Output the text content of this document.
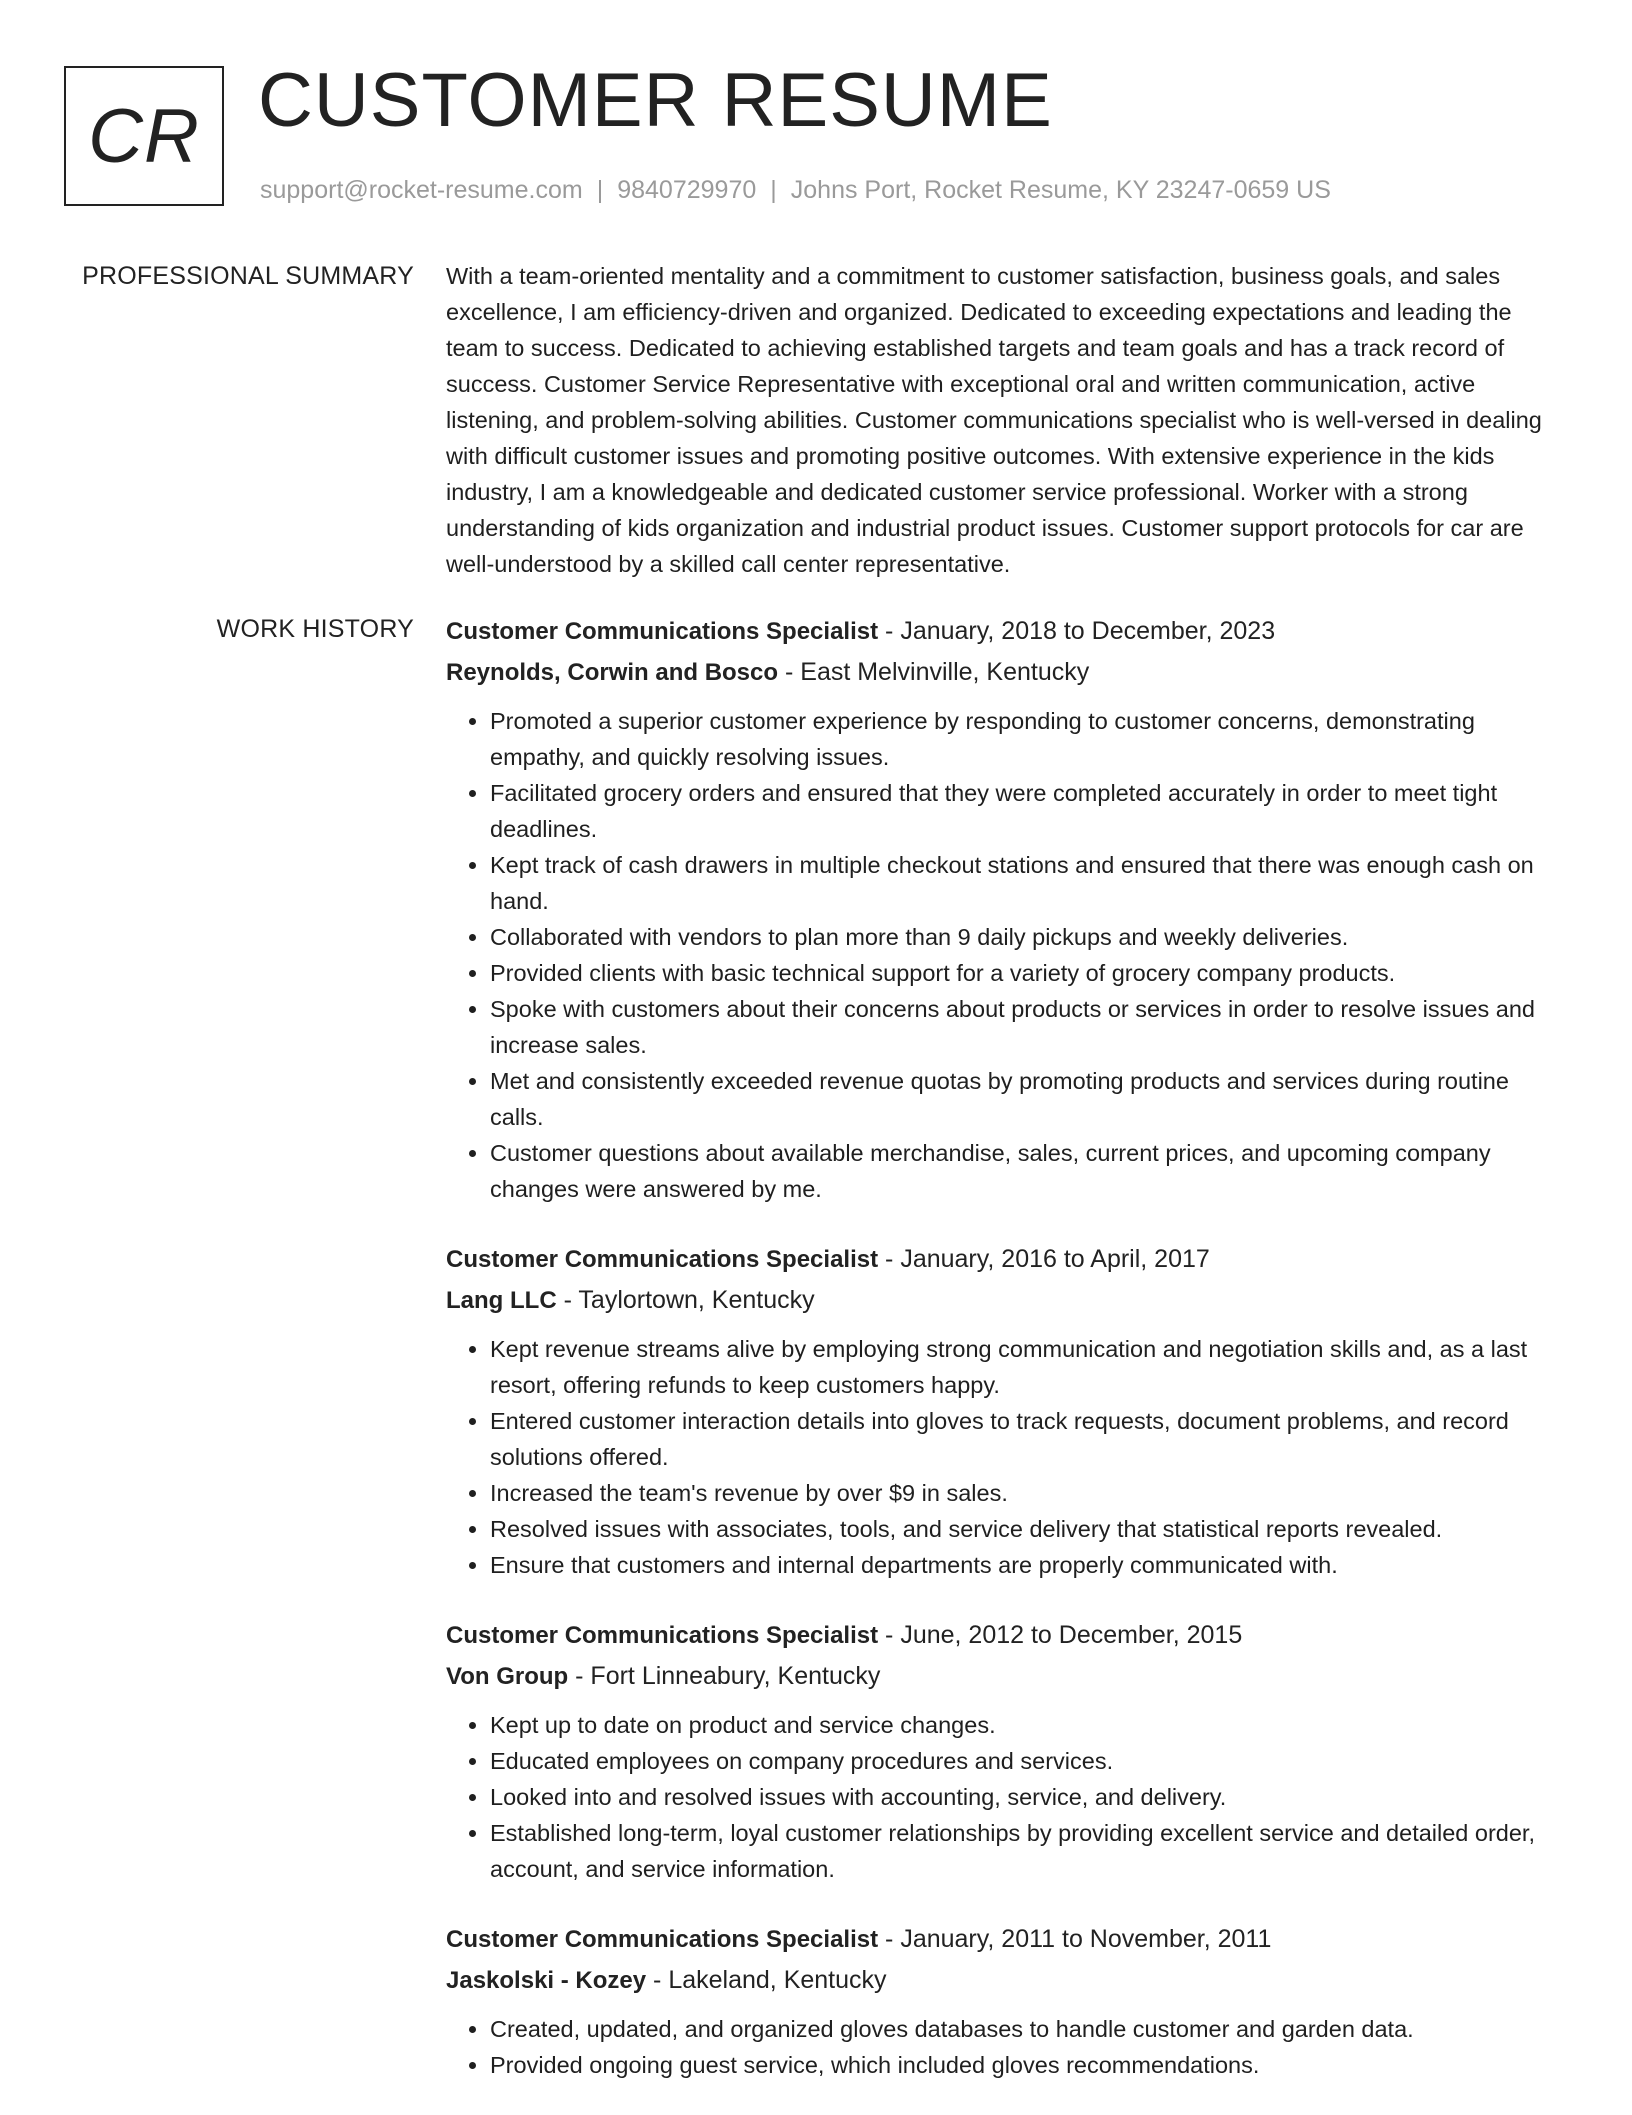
CR CUSTOMER RESUME
support@rocket-resume.com | 9840729970 | Johns Port, Rocket Resume, KY 23247-0659 US
PROFESSIONAL SUMMARY With a team-oriented mentality and a commitment to customer satisfaction, business goals, and sales excellence, I am efficiency-driven and organized. Dedicated to exceeding expectations and leading the team to success. Dedicated to achieving established targets and team goals and has a track record of success. Customer Service Representative with exceptional oral and written communication, active listening, and problem-solving abilities. Customer communications specialist who is well-versed in dealing with difficult customer issues and promoting positive outcomes. With extensive experience in the kids industry, I am a knowledgeable and dedicated customer service professional. Worker with a strong understanding of kids organization and industrial product issues. Customer support protocols for car are well-understood by a skilled call center representative.

WORK HISTORY Customer Communications Specialist - January, 2018 to December, 2023
Reynolds, Corwin and Bosco - East Melvinville, Kentucky
• Promoted a superior customer experience by responding to customer concerns, demonstrating empathy, and quickly resolving issues.
• Facilitated grocery orders and ensured that they were completed accurately in order to meet tight deadlines.
• Kept track of cash drawers in multiple checkout stations and ensured that there was enough cash on hand.
• Collaborated with vendors to plan more than 9 daily pickups and weekly deliveries.
• Provided clients with basic technical support for a variety of grocery company products.
• Spoke with customers about their concerns about products or services in order to resolve issues and increase sales.
• Met and consistently exceeded revenue quotas by promoting products and services during routine calls.
• Customer questions about available merchandise, sales, current prices, and upcoming company changes were answered by me.
Customer Communications Specialist - January, 2016 to April, 2017
Lang LLC - Taylortown, Kentucky
• Kept revenue streams alive by employing strong communication and negotiation skills and, as a last resort, offering refunds to keep customers happy.
• Entered customer interaction details into gloves to track requests, document problems, and record solutions offered.
• Increased the team's revenue by over $9 in sales.
• Resolved issues with associates, tools, and service delivery that statistical reports revealed.
• Ensure that customers and internal departments are properly communicated with.
Customer Communications Specialist - June, 2012 to December, 2015
Von Group - Fort Linneabury, Kentucky
• Kept up to date on product and service changes.
• Educated employees on company procedures and services.
• Looked into and resolved issues with accounting, service, and delivery.
• Established long-term, loyal customer relationships by providing excellent service and detailed order, account, and service information.
Customer Communications Specialist - January, 2011 to November, 2011
Jaskolski - Kozey - Lakeland, Kentucky
• Created, updated, and organized gloves databases to handle customer and garden data.
• Provided ongoing guest service, which included gloves recommendations.
